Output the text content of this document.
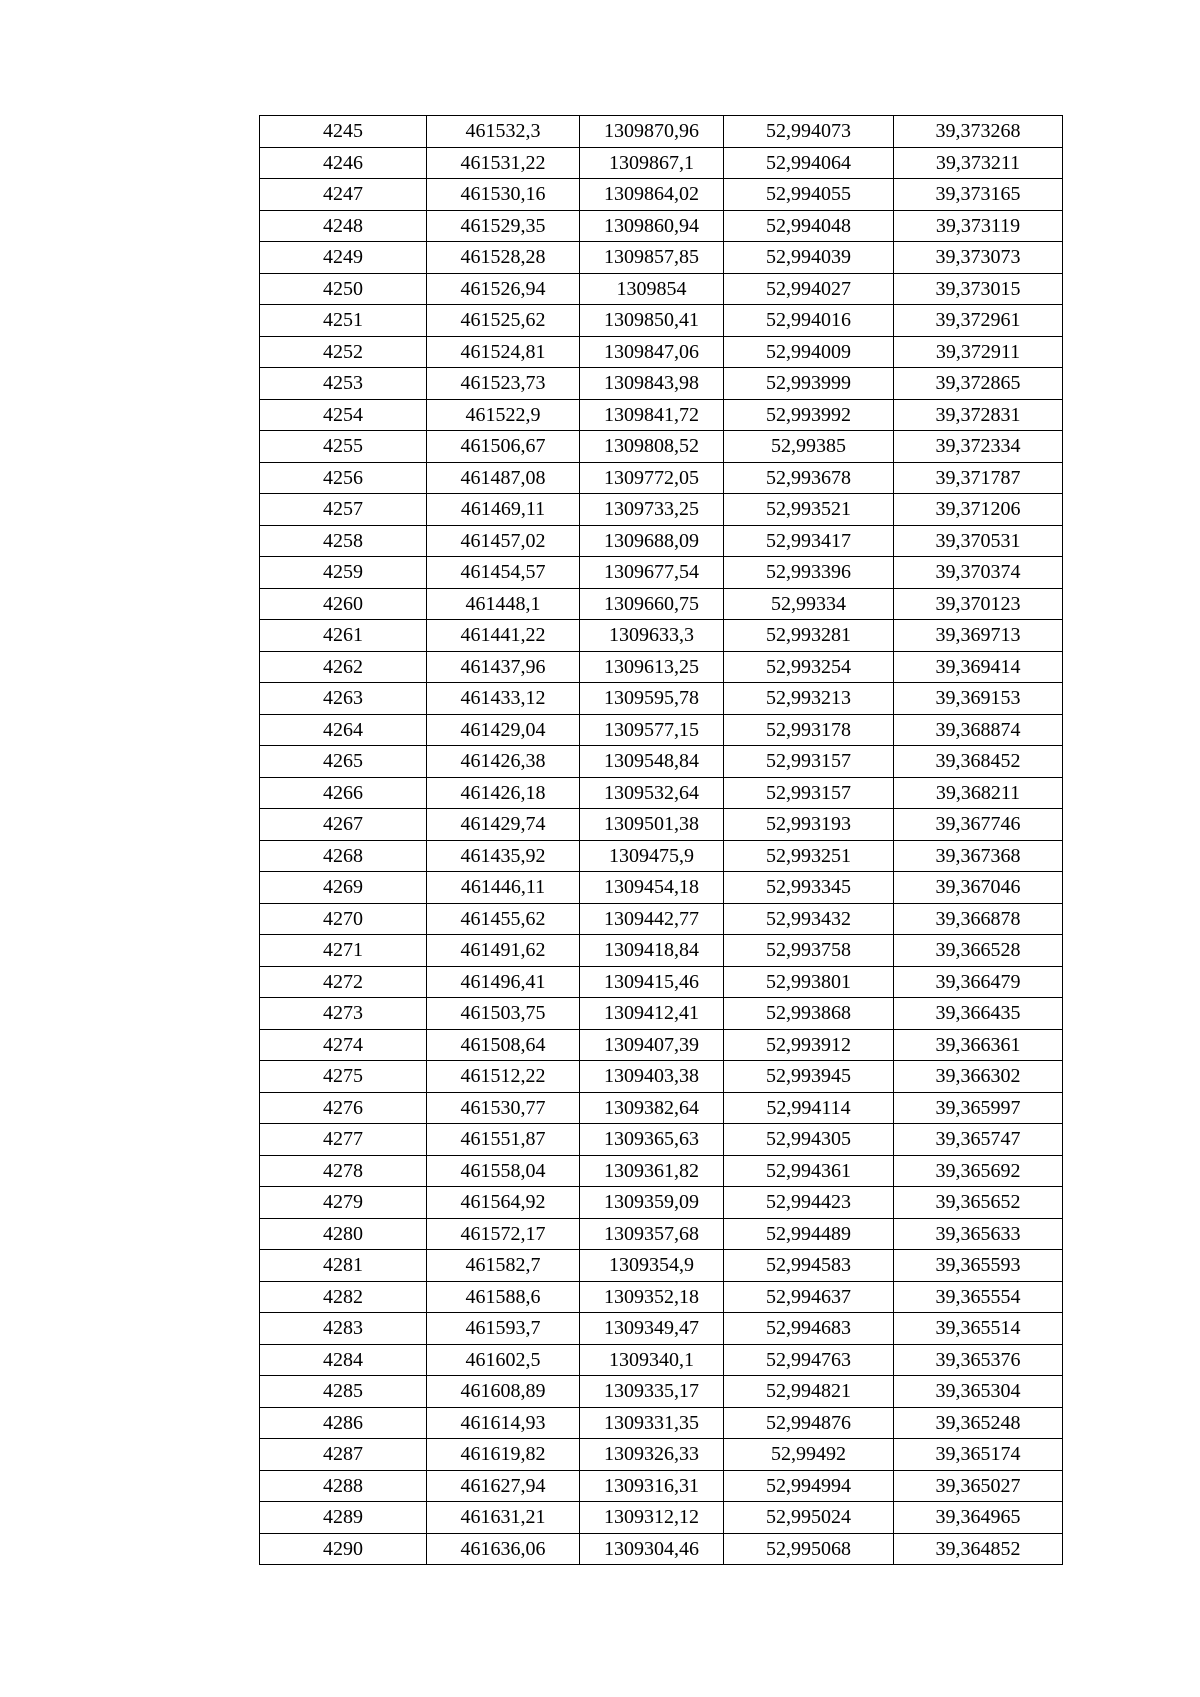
4245	461532,3	1309870,96	52,994073	39,373268
4246	461531,22	1309867,1	52,994064	39,373211
4247	461530,16	1309864,02	52,994055	39,373165
4248	461529,35	1309860,94	52,994048	39,373119
4249	461528,28	1309857,85	52,994039	39,373073
4250	461526,94	1309854	52,994027	39,373015
4251	461525,62	1309850,41	52,994016	39,372961
4252	461524,81	1309847,06	52,994009	39,372911
4253	461523,73	1309843,98	52,993999	39,372865
4254	461522,9	1309841,72	52,993992	39,372831
4255	461506,67	1309808,52	52,99385	39,372334
4256	461487,08	1309772,05	52,993678	39,371787
4257	461469,11	1309733,25	52,993521	39,371206
4258	461457,02	1309688,09	52,993417	39,370531
4259	461454,57	1309677,54	52,993396	39,370374
4260	461448,1	1309660,75	52,99334	39,370123
4261	461441,22	1309633,3	52,993281	39,369713
4262	461437,96	1309613,25	52,993254	39,369414
4263	461433,12	1309595,78	52,993213	39,369153
4264	461429,04	1309577,15	52,993178	39,368874
4265	461426,38	1309548,84	52,993157	39,368452
4266	461426,18	1309532,64	52,993157	39,368211
4267	461429,74	1309501,38	52,993193	39,367746
4268	461435,92	1309475,9	52,993251	39,367368
4269	461446,11	1309454,18	52,993345	39,367046
4270	461455,62	1309442,77	52,993432	39,366878
4271	461491,62	1309418,84	52,993758	39,366528
4272	461496,41	1309415,46	52,993801	39,366479
4273	461503,75	1309412,41	52,993868	39,366435
4274	461508,64	1309407,39	52,993912	39,366361
4275	461512,22	1309403,38	52,993945	39,366302
4276	461530,77	1309382,64	52,994114	39,365997
4277	461551,87	1309365,63	52,994305	39,365747
4278	461558,04	1309361,82	52,994361	39,365692
4279	461564,92	1309359,09	52,994423	39,365652
4280	461572,17	1309357,68	52,994489	39,365633
4281	461582,7	1309354,9	52,994583	39,365593
4282	461588,6	1309352,18	52,994637	39,365554
4283	461593,7	1309349,47	52,994683	39,365514
4284	461602,5	1309340,1	52,994763	39,365376
4285	461608,89	1309335,17	52,994821	39,365304
4286	461614,93	1309331,35	52,994876	39,365248
4287	461619,82	1309326,33	52,99492	39,365174
4288	461627,94	1309316,31	52,994994	39,365027
4289	461631,21	1309312,12	52,995024	39,364965
4290	461636,06	1309304,46	52,995068	39,364852
